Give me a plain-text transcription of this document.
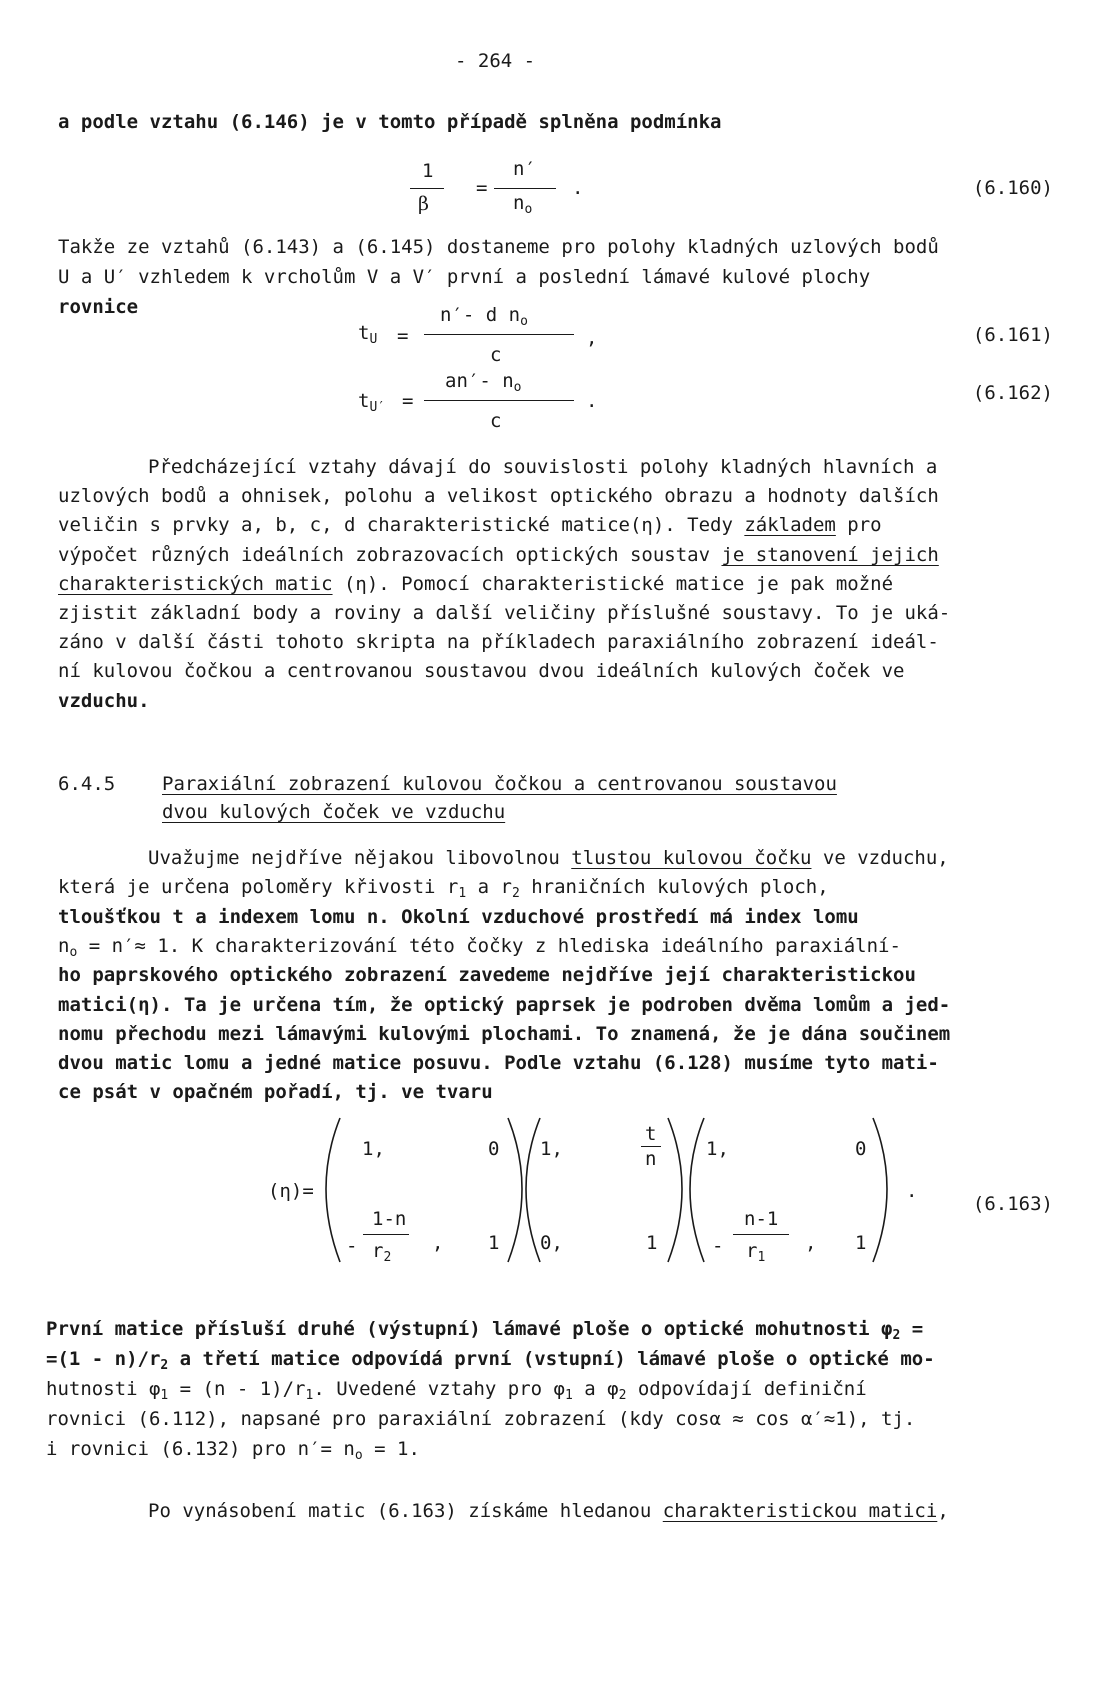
- 264 -
a podle vztahu (6.146) je v tomto případě splněna podmínka
1
β
=
n′
$n_o$
.	(6.160)
Takže ze vztahů (6.143) a (6.145) dostaneme pro polohy kladných uzlových bodů
U a U′ vzhledem k vrcholům V a V′ první a poslední lámavé kulové plochy
rovnice
$t_U$ =
n′- d $n_o$
c
,	(6.161)
$t_{U'}$ =
an′- $n_o$
c
.	(6.162)
Předcházející vztahy dávají do souvislosti polohy kladných hlavních a
uzlových bodů a ohnisek, polohu a velikost optického obrazu a hodnoty dalších
veličin s prvky a, b, c, d charakteristické matice(η). Tedy základem pro
výpočet různých ideálních zobrazovacích optických soustav je stanovení jejich
charakteristických matic (η). Pomocí charakteristické matice je pak možné
zjistit základní body a roviny a další veličiny příslušné soustavy. To je uká-
záno v další části tohoto skripta na příkladech paraxiálního zobrazení ideál-
ní kulovou čočkou a centrovanou soustavou dvou ideálních kulových čoček ve
vzduchu.
6.4.5 Paraxiální zobrazení kulovou čočkou a centrovanou soustavou
dvou kulových čoček ve vzduchu
Uvažujme nejdříve nějakou libovolnou tlustou kulovou čočku ve vzduchu,
která je určena poloměry křivosti $r_1$ a $r_2$ hraničních kulových ploch,
tloušťkou t a indexem lomu n. Okolní vzduchové prostředí má index lomu
$n_o = n'\approx 1$. K charakterizování této čočky z hlediska ideálního paraxiální-
ho paprskového optického zobrazení zavedeme nejdříve její charakteristickou
matici(η). Ta je určena tím, že optický paprsek je podroben dvěma lomům a jed-
nomu přechodu mezi lámavými kulovými plochami. To znamená, že je dána součinem
dvou matic lomu a jedné matice posuvu. Podle vztahu (6.128) musíme tyto mati-
ce psát v opačném pořadí, tj. ve tvaru
(η)=
1,	0
-
1-n
$r_2$
, 1
1,
t
n
0,	1
1,	0
-
n-1
$r_1$
, 1
.
(6.163)
První matice přísluší druhé (výstupní) lámavé ploše o optické mohutnosti $\varphi_2$ =
$=(1 - n)/r_2$ a třetí matice odpovídá první (vstupní) lámavé ploše o optické mo-
hutnosti $\varphi_1 = (n - 1)/r_1$. Uvedené vztahy pro $\varphi_1$ a $\varphi_2$ odpovídají definiční
rovnici (6.112), napsané pro paraxiální zobrazení (kdy cosα ≈ cos α′≈1), tj.
i rovnici (6.132) pro $n'= n_o = 1$.
Po vynásobení matic (6.163) získáme hledanou charakteristickou matici,
